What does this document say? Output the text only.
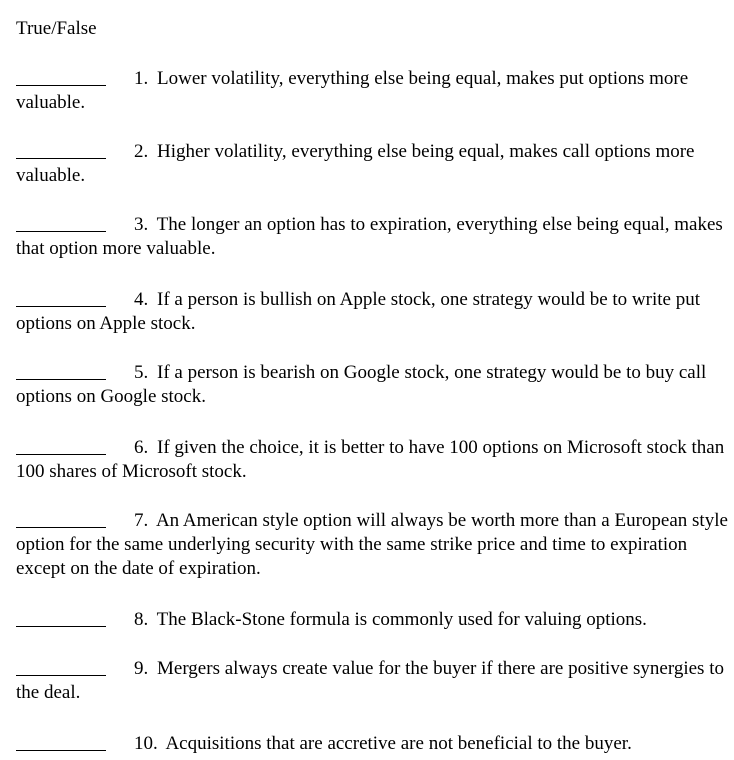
True/False

1. Lower volatility, everything else being equal, makes put options more valuable.

2. Higher volatility, everything else being equal, makes call options more valuable.

3. The longer an option has to expiration, everything else being equal, makes that option more valuable.

4. If a person is bullish on Apple stock, one strategy would be to write put options on Apple stock.

5. If a person is bearish on Google stock, one strategy would be to buy call options on Google stock.

6. If given the choice, it is better to have 100 options on Microsoft stock than 100 shares of Microsoft stock.

7. An American style option will always be worth more than a European style option for the same underlying security with the same strike price and time to expiration except on the date of expiration.

8. The Black-Stone formula is commonly used for valuing options.

9. Mergers always create value for the buyer if there are positive synergies to the deal.

10. Acquisitions that are accretive are not beneficial to the buyer.
